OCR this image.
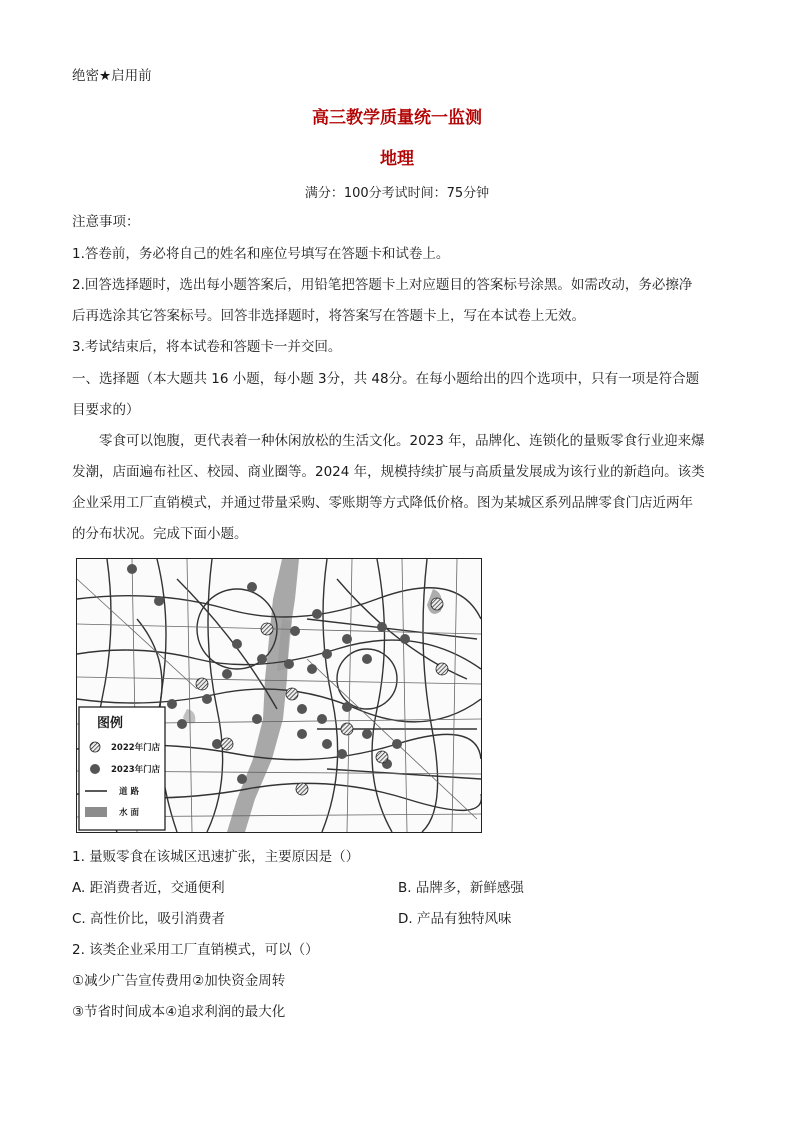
绝密★启用前
高三教学质量统一监测
地理
满分：100分考试时间：75分钟
注意事项：
1.答卷前，务必将自己的姓名和座位号填写在答题卡和试卷上。
2.回答选择题时，选出每小题答案后，用铅笔把答题卡上对应题目的答案标号涂黑。如需改动，务必擦净
后再选涂其它答案标号。回答非选择题时，将答案写在答题卡上，写在本试卷上无效。
3.考试结束后，将本试卷和答题卡一并交回。
一、选择题（本大题共 16 小题，每小题 3分，共 48分。在每小题给出的四个选项中，只有一项是符合题
目要求的）
零食可以饱腹，更代表着一种休闲放松的生活文化。2023 年，品牌化、连锁化的量贩零食行业迎来爆
发潮，店面遍布社区、校园、商业圈等。2024 年，规模持续扩展与高质量发展成为该行业的新趋向。该类
企业采用工厂直销模式，并通过带量采购、零账期等方式降低价格。图为某城区系列品牌零食门店近两年
的分布状况。完成下面小题。
图例
2022年门店
2023年门店
道 路
水 面
1. 量贩零食在该城区迅速扩张，主要原因是（）
A. 距消费者近，交通便利	B. 品牌多，新鲜感强
C. 高性价比，吸引消费者	D. 产品有独特风味
2. 该类企业采用工厂直销模式，可以（）
①减少广告宣传费用②加快资金周转
③节省时间成本④追求利润的最大化
